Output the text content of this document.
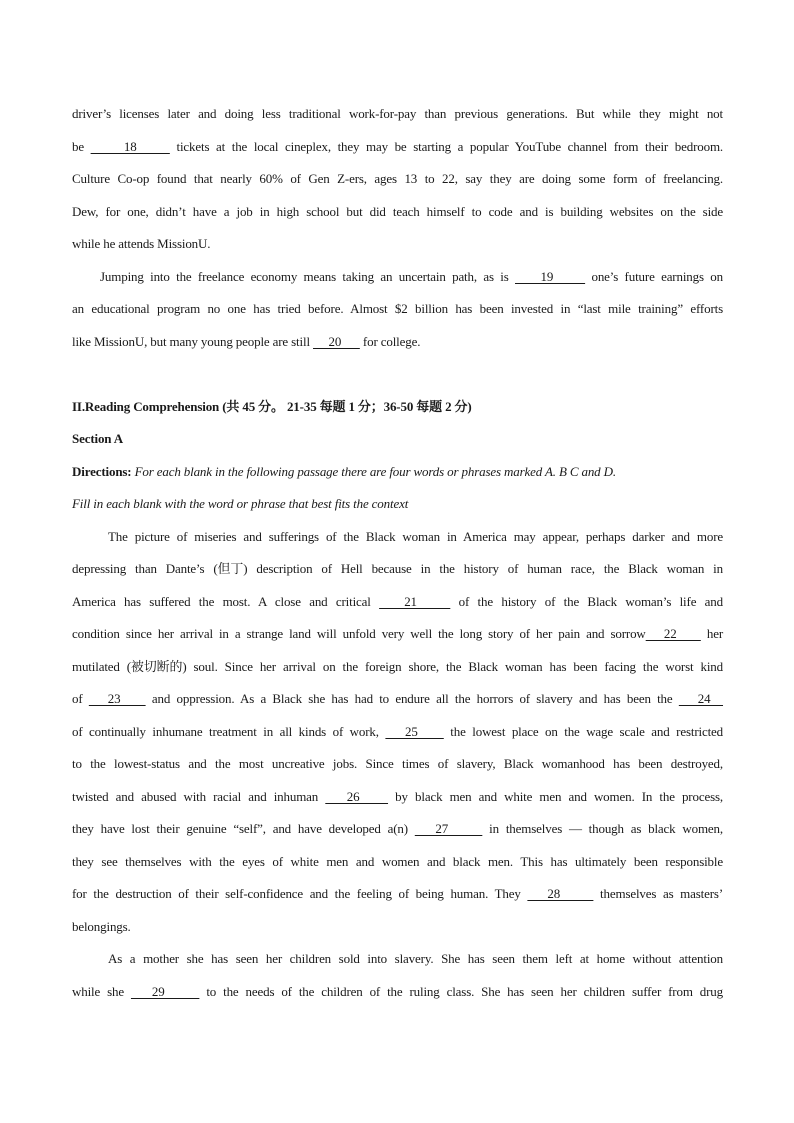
driver’s licenses later and doing less traditional work-for-pay than previous generations. But while they might not
be      18      tickets at the local cineplex, they may be starting a popular YouTube channel from their bedroom.
Culture Co-op found that nearly 60% of Gen Z-ers, ages 13 to 22, say they are doing some form of freelancing.
Dew, for one, didn’t have a job in high school but did teach himself to code and is building websites on the side
while he attends MissionU.
Jumping into the freelance economy means taking an uncertain path, as is     19      one’s future earnings on
an educational program no one has tried before. Almost $2 billion has been invested in “last mile training” efforts
like MissionU, but many young people are still      20       for college.
II.Reading Comprehension (共 45 分。 21-35 每题 1 分；36-50 每题 2 分)
Section A
Directions: For each blank in the following passage there are four words or phrases marked A. B C and D.
Fill in each blank with the word or phrase that best fits the context
The picture of miseries and sufferings of the Black woman in America may appear, perhaps darker and more
depressing than Dante’s (但丁) description of Hell because in the history of human race, the Black woman in
America has suffered the most. A close and critical    21     of the history of the Black woman’s life and
condition since her arrival in a strange land will unfold very well the long story of her pain and sorrow   22     her
mutilated (被切断的) soul. Since her arrival on the foreign shore, the Black woman has been facing the worst kind
of    23     and oppression. As a Black she has had to endure all the horrors of slavery and has been the    24
of continually inhumane treatment in all kinds of work,    25     the lowest place on the wage scale and restricted
to the lowest-status and the most uncreative jobs. Since times of slavery, Black womanhood has been destroyed,
twisted and abused with racial and inhuman    26     by black men and white men and women. In the process,
they have lost their genuine “self”, and have developed a(n)    27      in themselves — though as black women,
they see themselves with the eyes of white men and women and black men. This has ultimately been responsible
for the destruction of their self-confidence and the feeling of being human. They    28      themselves as masters’
belongings.
As a mother she has seen her children sold into slavery. She has seen them left at home without attention
while she    29      to the needs of the children of the ruling class. She has seen her children suffer from drug
